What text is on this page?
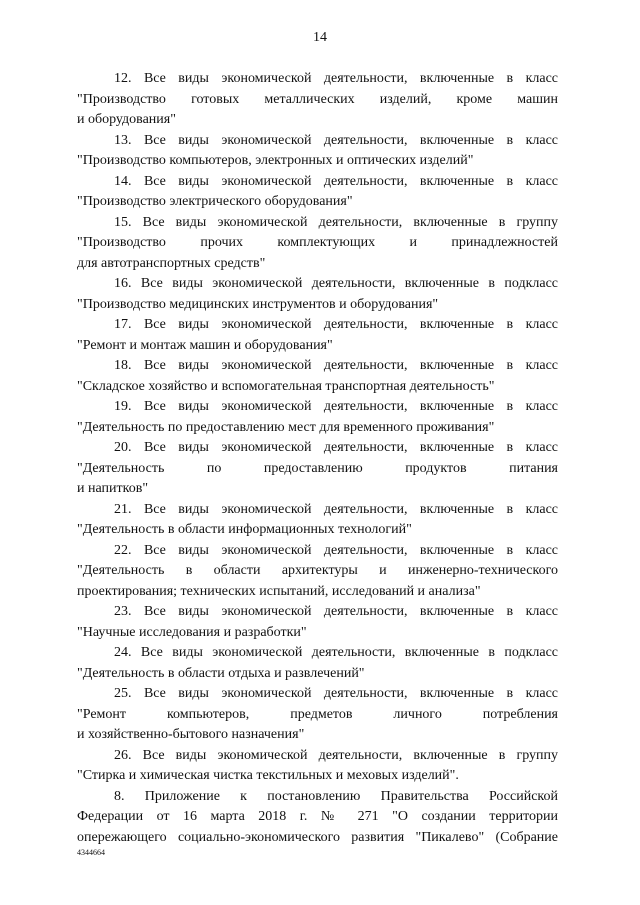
14
12. Все виды экономической деятельности, включенные в класс
"Производство готовых металлических изделий, кроме машин
и оборудования"
13. Все виды экономической деятельности, включенные в класс
"Производство компьютеров, электронных и оптических изделий"
14. Все виды экономической деятельности, включенные в класс
"Производство электрического оборудования"
15. Все виды экономической деятельности, включенные в группу
"Производство прочих комплектующих и принадлежностей
для автотранспортных средств"
16. Все виды экономической деятельности, включенные в подкласс
"Производство медицинских инструментов и оборудования"
17. Все виды экономической деятельности, включенные в класс
"Ремонт и монтаж машин и оборудования"
18. Все виды экономической деятельности, включенные в класс
"Складское хозяйство и вспомогательная транспортная деятельность"
19. Все виды экономической деятельности, включенные в класс
"Деятельность по предоставлению мест для временного проживания"
20. Все виды экономической деятельности, включенные в класс
"Деятельность по предоставлению продуктов питания
и напитков"
21. Все виды экономической деятельности, включенные в класс
"Деятельность в области информационных технологий"
22. Все виды экономической деятельности, включенные в класс
"Деятельность в области архитектуры и инженерно-технического
проектирования; технических испытаний, исследований и анализа"
23. Все виды экономической деятельности, включенные в класс
"Научные исследования и разработки"
24. Все виды экономической деятельности, включенные в подкласс
"Деятельность в области отдыха и развлечений"
25. Все виды экономической деятельности, включенные в класс
"Ремонт компьютеров, предметов личного потребления
и хозяйственно-бытового назначения"
26. Все виды экономической деятельности, включенные в группу
"Стирка и химическая чистка текстильных и меховых изделий".
8. Приложение к постановлению Правительства Российской
Федерации от 16 марта 2018 г. № 271 "О создании территории
опережающего социально-экономического развития "Пикалево" (Собрание
4344664
